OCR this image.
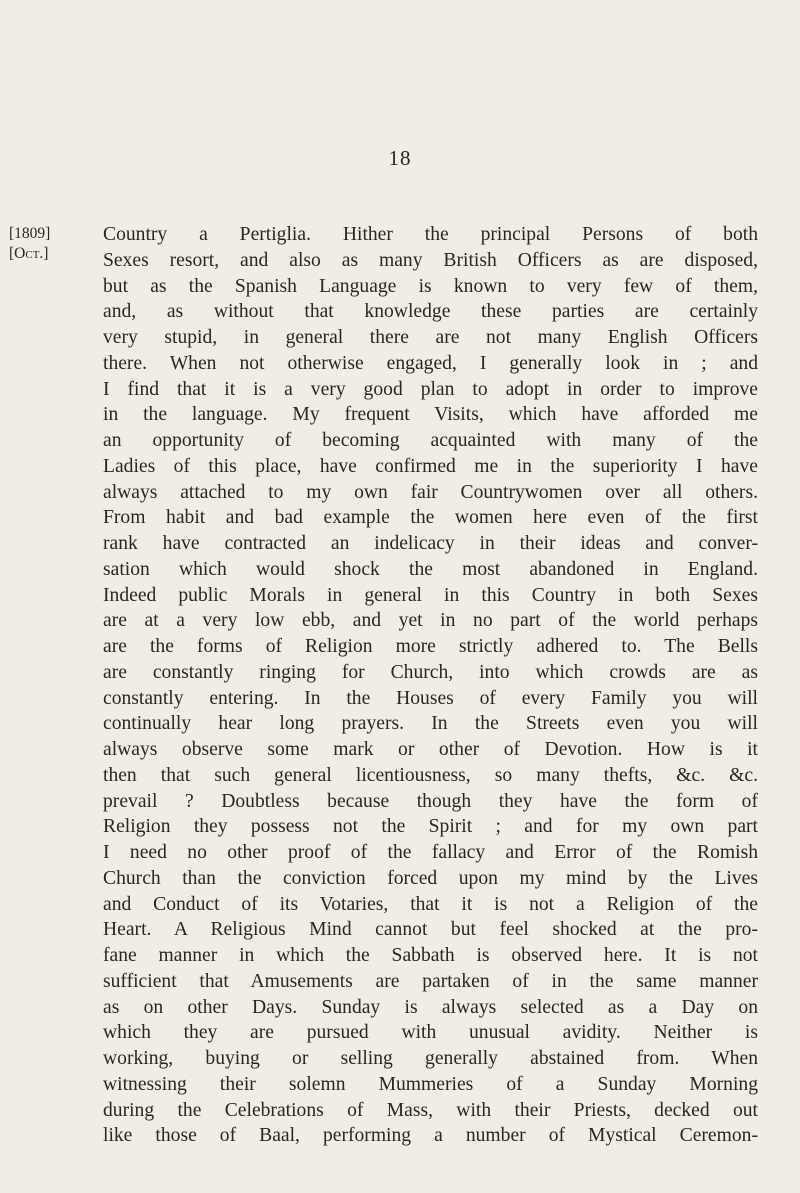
18
[1809]
[Oct.]
Country a Pertiglia. Hither the principal Persons of both
Sexes resort, and also as many British Officers as are disposed,
but as the Spanish Language is known to very few of them,
and, as without that knowledge these parties are certainly
very stupid, in general there are not many English Officers
there. When not otherwise engaged, I generally look in ; and
I find that it is a very good plan to adopt in order to improve
in the language. My frequent Visits, which have afforded me
an opportunity of becoming acquainted with many of the
Ladies of this place, have confirmed me in the superiority I have
always attached to my own fair Countrywomen over all others.
From habit and bad example the women here even of the first
rank have contracted an indelicacy in their ideas and conver-
sation which would shock the most abandoned in England.
Indeed public Morals in general in this Country in both Sexes
are at a very low ebb, and yet in no part of the world perhaps
are the forms of Religion more strictly adhered to. The Bells
are constantly ringing for Church, into which crowds are as
constantly entering. In the Houses of every Family you will
continually hear long prayers. In the Streets even you will
always observe some mark or other of Devotion. How is it
then that such general licentiousness, so many thefts, &c. &c.
prevail ? Doubtless because though they have the form of
Religion they possess not the Spirit ; and for my own part
I need no other proof of the fallacy and Error of the Romish
Church than the conviction forced upon my mind by the Lives
and Conduct of its Votaries, that it is not a Religion of the
Heart. A Religious Mind cannot but feel shocked at the pro-
fane manner in which the Sabbath is observed here. It is not
sufficient that Amusements are partaken of in the same manner
as on other Days. Sunday is always selected as a Day on
which they are pursued with unusual avidity. Neither is
working, buying or selling generally abstained from. When
witnessing their solemn Mummeries of a Sunday Morning
during the Celebrations of Mass, with their Priests, decked out
like those of Baal, performing a number of Mystical Ceremon-
